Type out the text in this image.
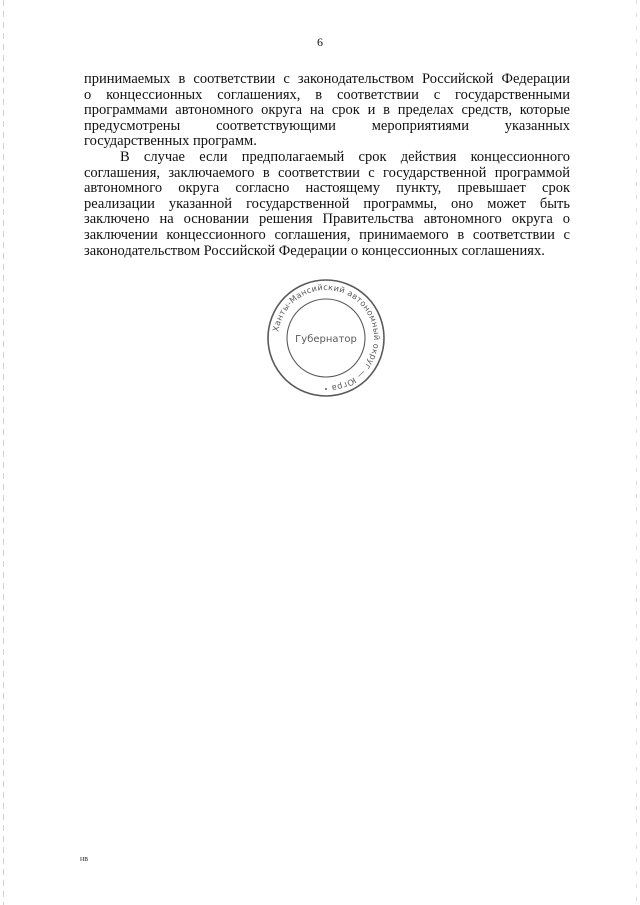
6
принимаемых в соответствии с законодательством Российской Федерации
о концессионных соглашениях, в соответствии с государственными
программами автономного округа на срок и в пределах средств, которые
предусмотрены соответствующими мероприятиями указанных
государственных программ.
В случае если предполагаемый срок действия концессионного
соглашения, заключаемого в соответствии с государственной программой
автономного округа согласно настоящему пункту, превышает срок
реализации указанной государственной программы, оно может быть
заключено на основании решения Правительства автономного округа о
заключении концессионного соглашения, принимаемого в соответствии с
законодательством Российской Федерации о концессионных соглашениях.
Ханты-Мансийский автономный округ — Югра
Губернатор
нв
